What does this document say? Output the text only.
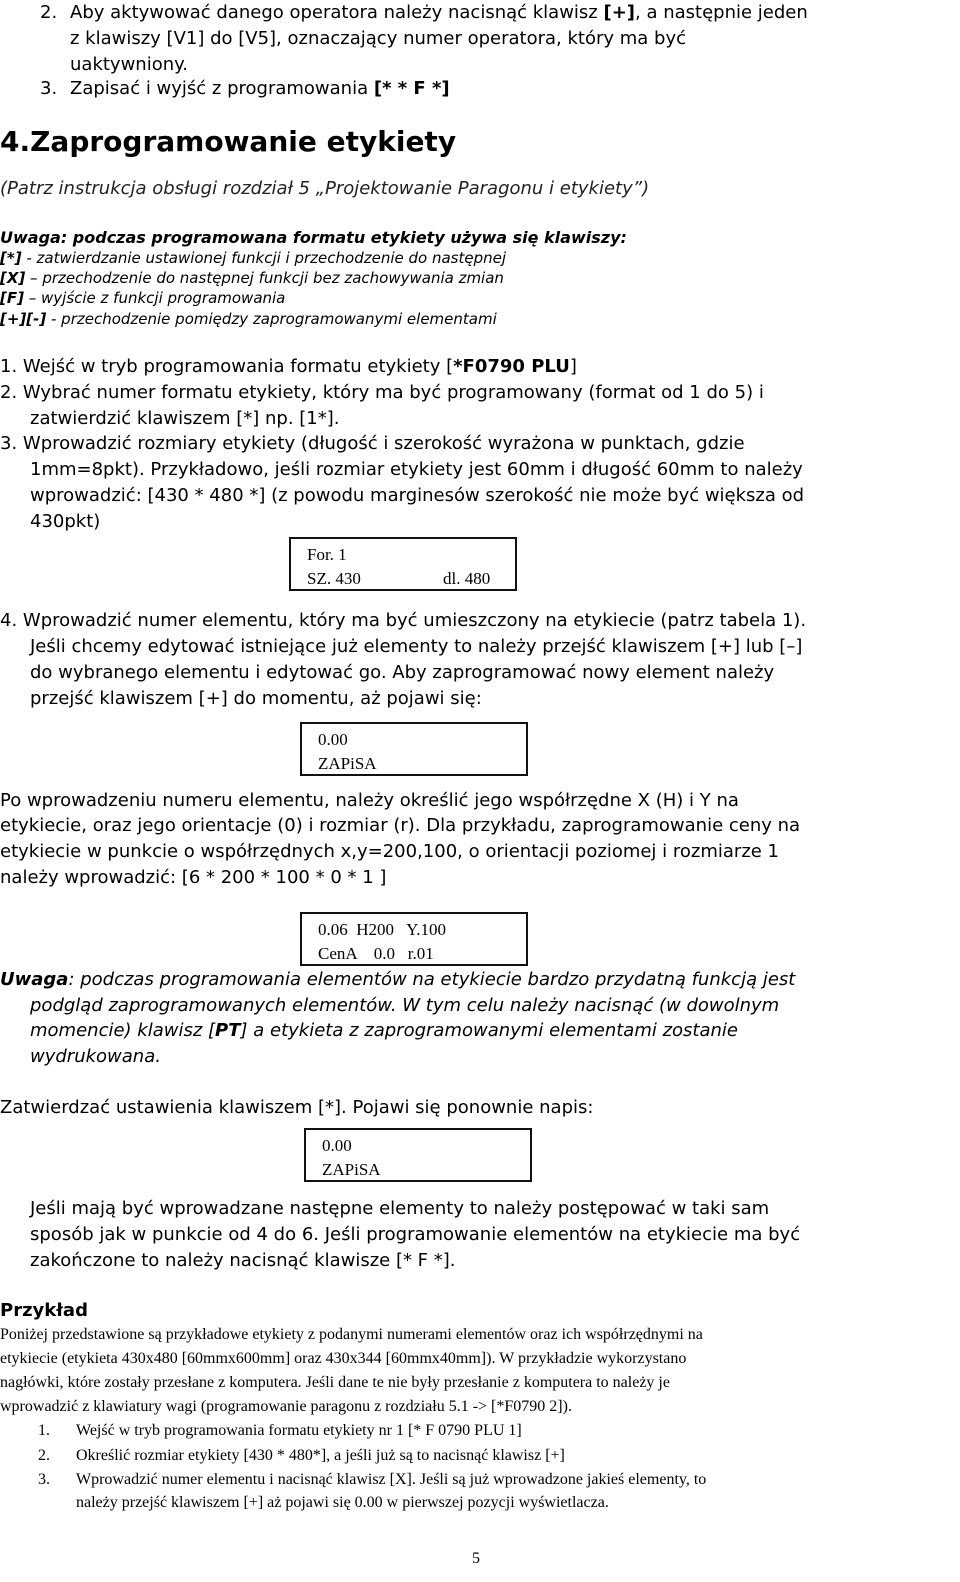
2. Aby aktywować danego operatora należy nacisnąć klawisz [+], a następnie jeden

z klawiszy [V1] do [V5], oznaczający numer operatora, który ma być

uaktywniony.

3. Zapisać i wyjść z programowania [* * F *]

4.Zaprogramowanie etykiety

(Patrz instrukcja obsługi rozdział 5 „Projektowanie Paragonu i etykiety”)

Uwaga: podczas programowana formatu etykiety używa się klawiszy:

[*] - zatwierdzanie ustawionej funkcji i przechodzenie do następnej

[X] – przechodzenie do następnej funkcji bez zachowywania zmian

[F] – wyjście z funkcji programowania

[+][-] - przechodzenie pomiędzy zaprogramowanymi elementami

1. Wejść w tryb programowania formatu etykiety [*F0790 PLU]

2. Wybrać numer formatu etykiety, który ma być programowany (format od 1 do 5) i

zatwierdzić klawiszem [*] np. [1*].

3. Wprowadzić rozmiary etykiety (długość i szerokość wyrażona w punktach, gdzie

1mm=8pkt). Przykładowo, jeśli rozmiar etykiety jest 60mm i długość 60mm to należy

wprowadzić: [430 * 480 *] (z powodu marginesów szerokość nie może być większa od

430pkt)

For. 1
SZ. 430	dl. 480

4. Wprowadzić numer elementu, który ma być umieszczony na etykiecie (patrz tabela 1).

Jeśli chcemy edytować istniejące już elementy to należy przejść klawiszem [+] lub [–]

do wybranego elementu i edytować go. Aby zaprogramować nowy element należy

przejść klawiszem [+] do momentu, aż pojawi się:

0.00
ZAPiSA

Po wprowadzeniu numeru elementu, należy określić jego współrzędne X (H) i Y na

etykiecie, oraz jego orientacje (0) i rozmiar (r). Dla przykładu, zaprogramowanie ceny na

etykiecie w punkcie o współrzędnych x,y=200,100, o orientacji poziomej i rozmiarze 1

należy wprowadzić: [6 * 200 * 100 * 0 * 1 ]

0.06  H200   Y.100
CenA    0.0   r.01

Uwaga: podczas programowania elementów na etykiecie bardzo przydatną funkcją jest

podgląd zaprogramowanych elementów. W tym celu należy nacisnąć (w dowolnym

momencie) klawisz [PT] a etykieta z zaprogramowanymi elementami zostanie

wydrukowana.

Zatwierdzać ustawienia klawiszem [*]. Pojawi się ponownie napis:

0.00
ZAPiSA

Jeśli mają być wprowadzane następne elementy to należy postępować w taki sam

sposób jak w punkcie od 4 do 6. Jeśli programowanie elementów na etykiecie ma być

zakończone to należy nacisnąć klawisze [* F *].

Przykład

Poniżej przedstawione są przykładowe etykiety z podanymi numerami elementów oraz ich współrzędnymi na

etykiecie (etykieta 430x480 [60mmx600mm] oraz 430x344 [60mmx40mm]). W przykładzie wykorzystano

nagłówki, które zostały przesłane z komputera. Jeśli dane te nie były przesłanie z komputera to należy je

wprowadzić z klawiatury wagi (programowanie paragonu z rozdziału 5.1 -> [*F0790 2]).

1. Wejść w tryb programowania formatu etykiety nr 1 [* F 0790 PLU 1]

2. Określić rozmiar etykiety [430 * 480*], a jeśli już są to nacisnąć klawisz [+]

3. Wprowadzić numer elementu i nacisnąć klawisz [X]. Jeśli są już wprowadzone jakieś elementy, to

należy przejść klawiszem [+] aż pojawi się 0.00 w pierwszej pozycji wyświetlacza.

5
